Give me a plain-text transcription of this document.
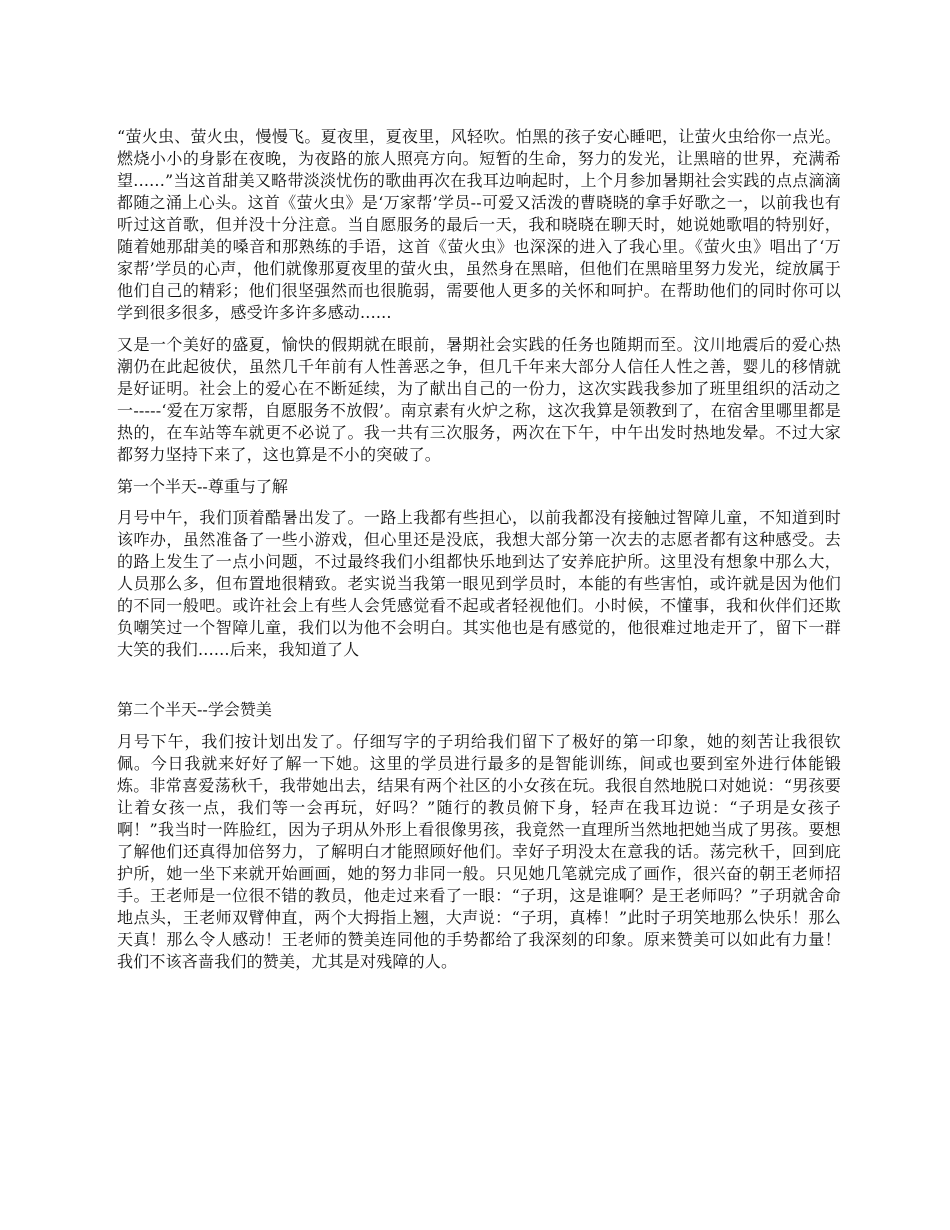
“萤火虫、萤火虫，慢慢飞。夏夜里，夏夜里，风轻吹。怕黑的孩子安心睡吧，让萤火虫给你一点光。燃烧小小的身影在夜晚，为夜路的旅人照亮方向。短暂的生命，努力的发光，让黑暗的世界，充满希望......”当这首甜美又略带淡淡忧伤的歌曲再次在我耳边响起时，上个月参加暑期社会实践的点点滴滴都随之涌上心头。这首《萤火虫》是‘万家帮’学员--可爱又活泼的曹晓晓的拿手好歌之一，以前我也有听过这首歌，但并没十分注意。当自愿服务的最后一天，我和晓晓在聊天时，她说她歌唱的特别好，随着她那甜美的嗓音和那熟练的手语，这首《萤火虫》也深深的进入了我心里。《萤火虫》唱出了‘万家帮’学员的心声，他们就像那夏夜里的萤火虫，虽然身在黑暗，但他们在黑暗里努力发光，绽放属于他们自己的精彩；他们很坚强然而也很脆弱，需要他人更多的关怀和呵护。在帮助他们的同时你可以学到很多很多，感受许多许多感动......

又是一个美好的盛夏，愉快的假期就在眼前，暑期社会实践的任务也随期而至。汶川地震后的爱心热潮仍在此起彼伏，虽然几千年前有人性善恶之争，但几千年来大部分人信任人性之善，婴儿的移情就是好证明。社会上的爱心在不断延续，为了献出自己的一份力，这次实践我参加了班里组织的活动之一-----‘爱在万家帮，自愿服务不放假’。南京素有火炉之称，这次我算是领教到了，在宿舍里哪里都是热的，在车站等车就更不必说了。我一共有三次服务，两次在下午，中午出发时热地发晕。不过大家都努力坚持下来了，这也算是不小的突破了。

第一个半天--尊重与了解

月号中午，我们顶着酷暑出发了。一路上我都有些担心，以前我都没有接触过智障儿童，不知道到时该咋办，虽然准备了一些小游戏，但心里还是没底，我想大部分第一次去的志愿者都有这种感受。去的路上发生了一点小问题，不过最终我们小组都快乐地到达了安养庇护所。这里没有想象中那么大，人员那么多，但布置地很精致。老实说当我第一眼见到学员时，本能的有些害怕，或许就是因为他们的不同一般吧。或许社会上有些人会凭感觉看不起或者轻视他们。小时候，不懂事，我和伙伴们还欺负嘲笑过一个智障儿童，我们以为他不会明白。其实他也是有感觉的，他很难过地走开了，留下一群大笑的我们......后来，我知道了人

第二个半天--学会赞美

月号下午，我们按计划出发了。仔细写字的子玥给我们留下了极好的第一印象，她的刻苦让我很钦佩。今日我就来好好了解一下她。这里的学员进行最多的是智能训练，间或也要到室外进行体能锻炼。非常喜爱荡秋千，我带她出去，结果有两个社区的小女孩在玩。我很自然地脱口对她说：“男孩要让着女孩一点，我们等一会再玩，好吗？”随行的教员俯下身，轻声在我耳边说：“子玥是女孩子啊！”我当时一阵脸红，因为子玥从外形上看很像男孩，我竟然一直理所当然地把她当成了男孩。要想了解他们还真得加倍努力，了解明白才能照顾好他们。幸好子玥没太在意我的话。荡完秋千，回到庇护所，她一坐下来就开始画画，她的努力非同一般。只见她几笔就完成了画作，很兴奋的朝王老师招手。王老师是一位很不错的教员，他走过来看了一眼：“子玥，这是谁啊？是王老师吗？”子玥就舍命地点头，王老师双臂伸直，两个大拇指上翘，大声说：“子玥，真棒！”此时子玥笑地那么快乐！那么天真！那么令人感动！王老师的赞美连同他的手势都给了我深刻的印象。原来赞美可以如此有力量！我们不该吝啬我们的赞美，尤其是对残障的人。
